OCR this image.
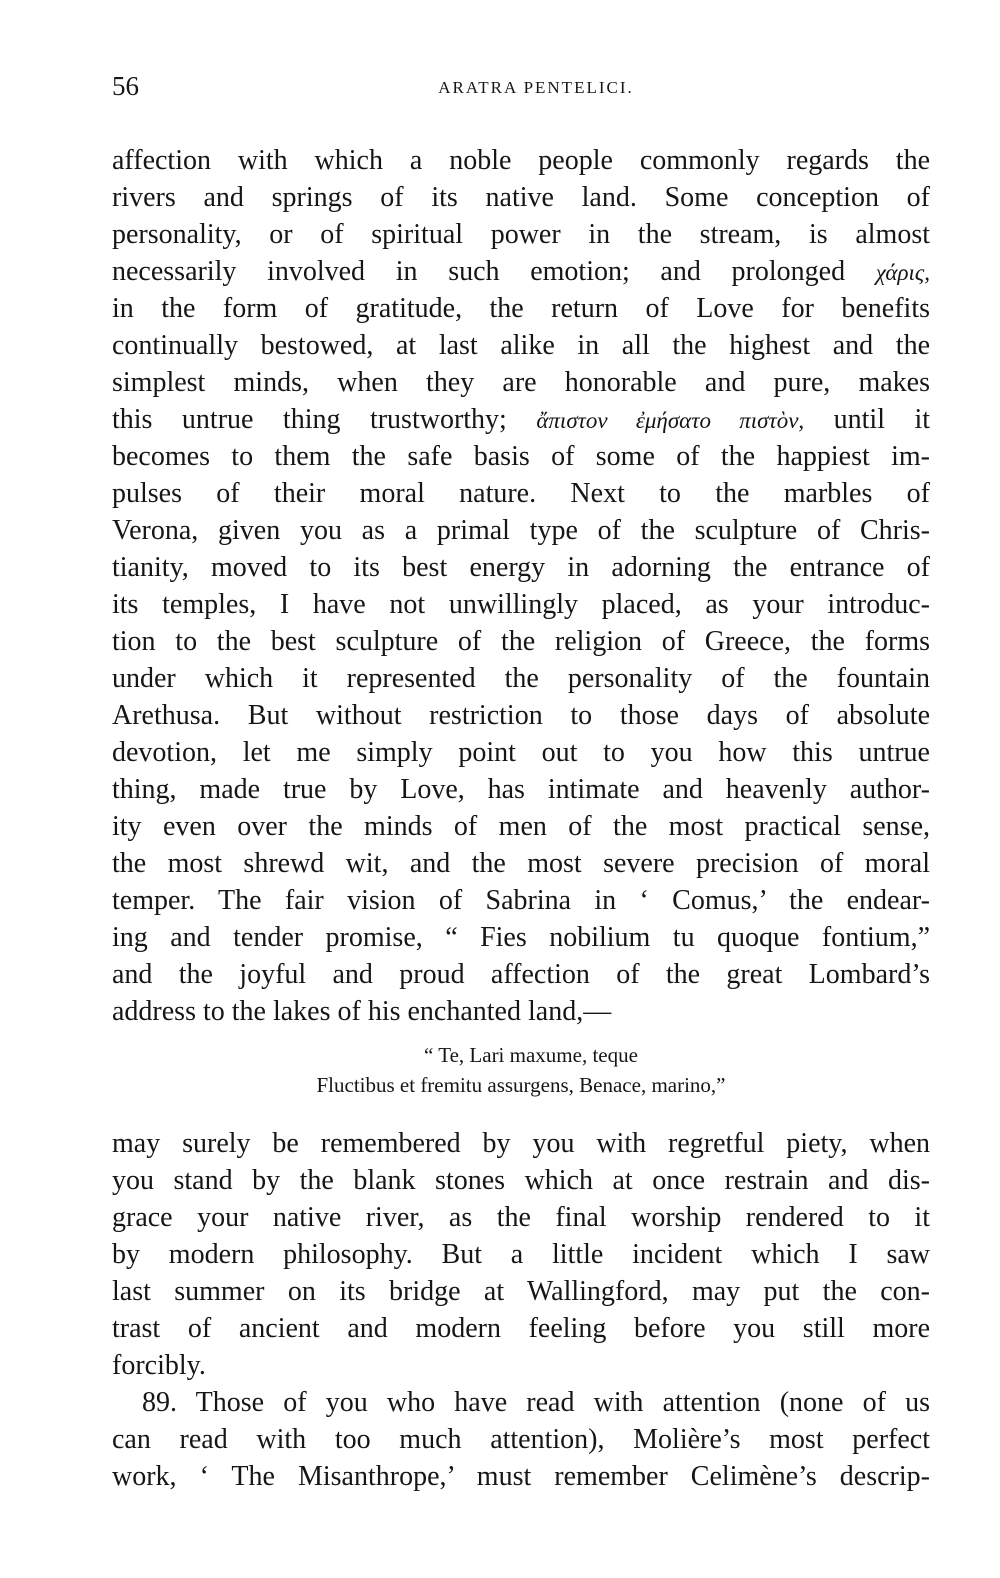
56	ARATRA PENTELICI.
affection with which a noble people commonly regards the
rivers and springs of its native land. Some conception of
personality, or of spiritual power in the stream, is almost
necessarily involved in such emotion; and prolonged χάρις,
in the form of gratitude, the return of Love for benefits
continually bestowed, at last alike in all the highest and the
simplest minds, when they are honorable and pure, makes
this untrue thing trustworthy; ἄπιστον ἐμήσατο πιστὸν, until it
becomes to them the safe basis of some of the happiest im-
pulses of their moral nature. Next to the marbles of
Verona, given you as a primal type of the sculpture of Chris-
tianity, moved to its best energy in adorning the entrance of
its temples, I have not unwillingly placed, as your introduc-
tion to the best sculpture of the religion of Greece, the forms
under which it represented the personality of the fountain
Arethusa. But without restriction to those days of absolute
devotion, let me simply point out to you how this untrue
thing, made true by Love, has intimate and heavenly author-
ity even over the minds of men of the most practical sense,
the most shrewd wit, and the most severe precision of moral
temper. The fair vision of Sabrina in ‘ Comus,’ the endear-
ing and tender promise, “ Fies nobilium tu quoque fontium,”
and the joyful and proud affection of the great Lombard’s
address to the lakes of his enchanted land,—
“ Te, Lari maxume, teque
Fluctibus et fremitu assurgens, Benace, marino,”
may surely be remembered by you with regretful piety, when
you stand by the blank stones which at once restrain and dis-
grace your native river, as the final worship rendered to it
by modern philosophy. But a little incident which I saw
last summer on its bridge at Wallingford, may put the con-
trast of ancient and modern feeling before you still more
forcibly.
89. Those of you who have read with attention (none of us
can read with too much attention), Molière’s most perfect
work, ‘ The Misanthrope,’ must remember Celimène’s descrip-
